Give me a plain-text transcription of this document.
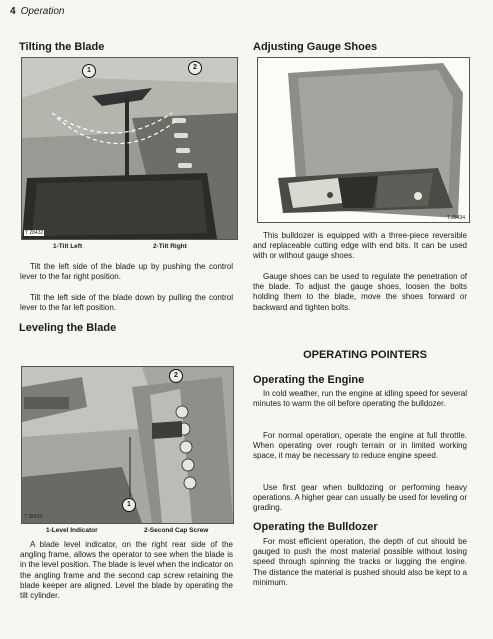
4 Operation
Tilting the Blade
T 28432
1	2
1-Tilt Left	2-Tilt Right

Tilt the left side of the blade up by pushing the control lever to the far right position.

Tilt the left side of the blade down by pulling the control lever to the far left position.

Leveling the Blade
T 28433
2
1
1-Level Indicator	2-Second Cap Screw

A blade level indicator, on the right rear side of the angling frame, allows the operator to see when the blade is in the level position. The blade is level when the indicator on the angling frame and the second cap screw retaining the blade keeper are aligned. Level the blade by operating the tilt cylinder.

Adjusting Gauge Shoes
T 28434

This bulldozer is equipped with a three-piece reversible and replaceable cutting edge with end bits. It can be used with or without gauge shoes.

Gauge shoes can be used to regulate the penetration of the blade. To adjust the gauge shoes, loosen the bolts holding them to the blade, move the shoes forward or backward and tighten bolts.

OPERATING POINTERS
Operating the Engine

In cold weather, run the engine at idling speed for several minutes to warm the oil before operating the bulldozer.

For normal operation, operate the engine at full throttle. When operating over rough terrain or in limited working space, it may be necessary to reduce engine speed.

Use first gear when bulldozing or performing heavy operations. A higher gear can usually be used for leveling or grading.

Operating the Bulldozer

For most efficient operation, the depth of cut should be gauged to push the most material possible without losing speed through spinning the tracks or lugging the engine. The distance the material is pushed should also be kept to a minimum.
